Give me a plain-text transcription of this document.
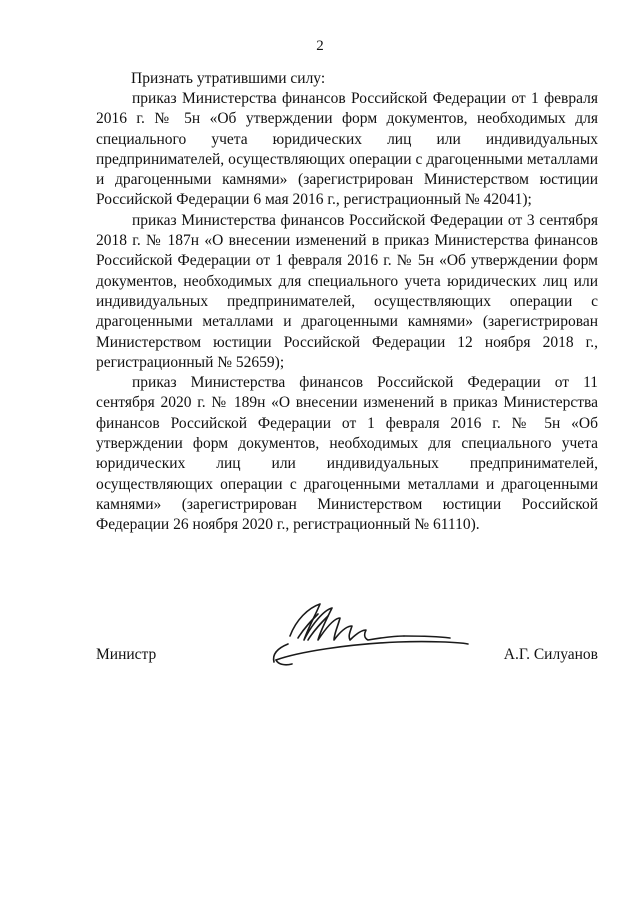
2
Признать утратившими силу:

приказ Министерства финансов Российской Федерации от 1 февраля 2016 г. № 5н «Об утверждении форм документов, необходимых для специального учета юридических лиц или индивидуальных предпринимателей, осуществляющих операции с драгоценными металлами и драгоценными камнями» (зарегистрирован Министерством юстиции Российской Федерации 6 мая 2016 г., регистрационный № 42041);

приказ Министерства финансов Российской Федерации от 3 сентября 2018 г. № 187н «О внесении изменений в приказ Министерства финансов Российской Федерации от 1 февраля 2016 г. № 5н «Об утверждении форм документов, необходимых для специального учета юридических лиц или индивидуальных предпринимателей, осуществляющих операции с драгоценными металлами и драгоценными камнями» (зарегистрирован Министерством юстиции Российской Федерации 12 ноября 2018 г., регистрационный № 52659);

приказ Министерства финансов Российской Федерации от 11 сентября 2020 г. № 189н «О внесении изменений в приказ Министерства финансов Российской Федерации от 1 февраля 2016 г. № 5н «Об утверждении форм документов, необходимых для специального учета юридических лиц или индивидуальных предпринимателей, осуществляющих операции с драгоценными металлами и драгоценными камнями» (зарегистрирован Министерством юстиции Российской Федерации 26 ноября 2020 г., регистрационный № 61110).

Министр	А.Г. Силуанов
